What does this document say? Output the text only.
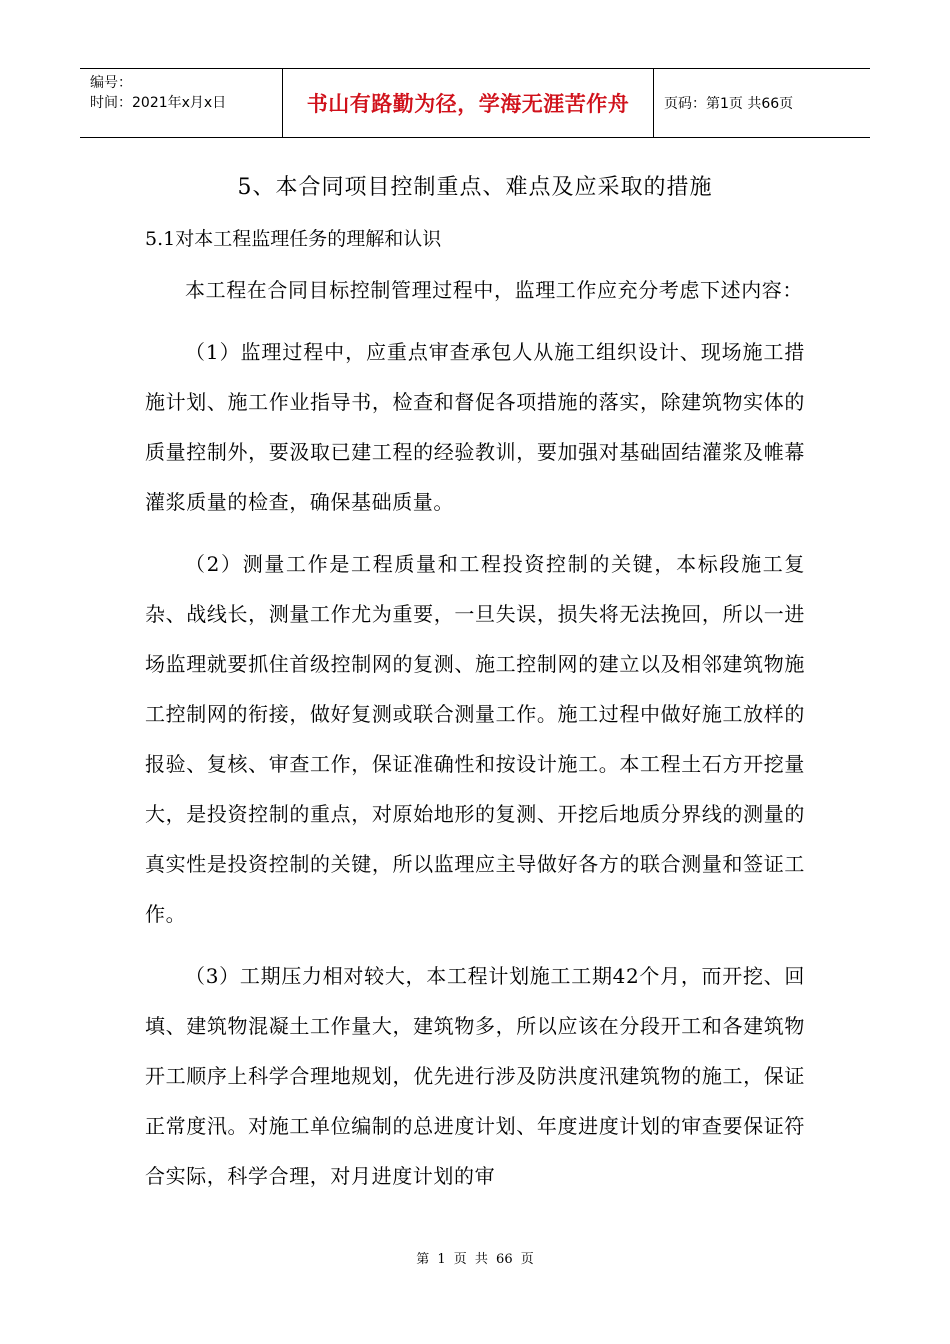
编号：
时间：2021年x月x日	书山有路勤为径，学海无涯苦作舟 页码：第1页 共66页
5、本合同项目控制重点、难点及应采取的措施
5.1对本工程监理任务的理解和认识

本工程在合同目标控制管理过程中，监理工作应充分考虑下述内容：

（1）监理过程中，应重点审查承包人从施工组织设计、现场施工措施计划、施工作业指导书，检查和督促各项措施的落实，除建筑物实体的质量控制外，要汲取已建工程的经验教训，要加强对基础固结灌浆及帷幕灌浆质量的检查，确保基础质量。

（2）测量工作是工程质量和工程投资控制的关键，本标段施工复杂、战线长，测量工作尤为重要，一旦失误，损失将无法挽回，所以一进场监理就要抓住首级控制网的复测、施工控制网的建立以及相邻建筑物施工控制网的衔接，做好复测或联合测量工作。施工过程中做好施工放样的报验、复核、审查工作，保证准确性和按设计施工。本工程土石方开挖量大，是投资控制的重点，对原始地形的复测、开挖后地质分界线的测量的真实性是投资控制的关键，所以监理应主导做好各方的联合测量和签证工作。

（3）工期压力相对较大，本工程计划施工工期42个月，而开挖、回填、建筑物混凝土工作量大，建筑物多，所以应该在分段开工和各建筑物开工顺序上科学合理地规划，优先进行涉及防洪度汛建筑物的施工，保证正常度汛。对施工单位编制的总进度计划、年度进度计划的审查要保证符合实际，科学合理，对月进度计划的审

第 1 页 共 66 页
